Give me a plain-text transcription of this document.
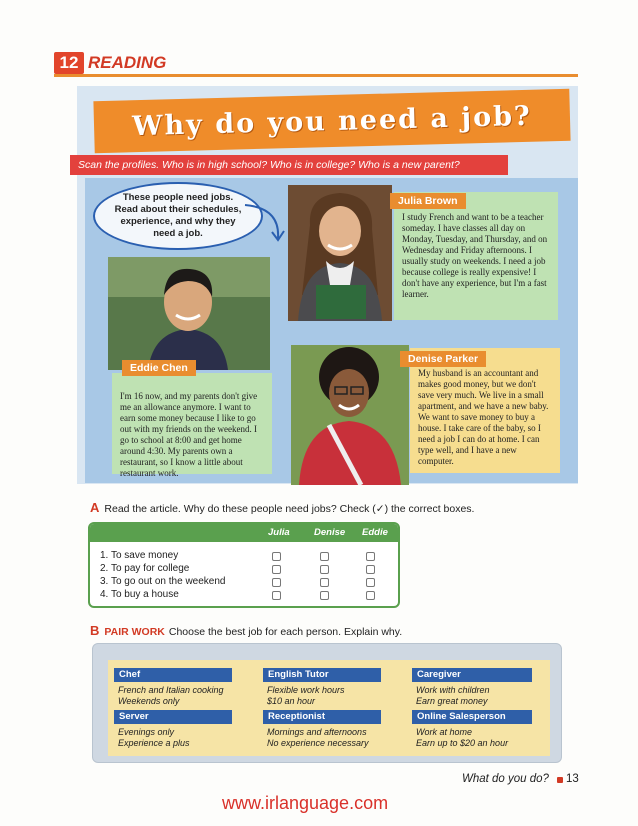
12 READING
Why do you need a job?
Scan the profiles. Who is in high school? Who is in college? Who is a new parent?
These people need jobs. Read about their schedules, experience, and why they need a job.
I'm 16 now, and my parents don't give me an allowance anymore. I want to earn some money because I like to go out with my friends on the weekend. I go to school at 8:00 and get home around 4:30. My parents own a restaurant, so I know a little about restaurant work.
Eddie Chen
I study French and want to be a teacher someday. I have classes all day on Monday, Tuesday, and Thursday, and on Wednesday and Friday afternoons. I usually study on weekends. I need a job because college is really expensive! I don't have any experience, but I'm a fast learner.
Julia Brown
My husband is an accountant and makes good money, but we don't save very much. We live in a small apartment, and we have a new baby. We want to save money to buy a house. I take care of the baby, so I need a job I can do at home. I can type well, and I have a new computer.
Denise Parker
A Read the article. Why do these people need jobs? Check (✓) the correct boxes.
Julia	Denise Eddie
1. To save money
2. To pay for college
3. To go out on the weekend
4. To buy a house
B PAIR WORK Choose the best job for each person. Explain why.
Chef
French and Italian cooking
Weekends only
English Tutor
Flexible work hours
$10 an hour
Caregiver
Work with children
Earn great money
Server
Evenings only
Experience a plus
Receptionist
Mornings and afternoons
No experience necessary
Online Salesperson
Work at home
Earn up to $20 an hour
What do you do? 13
www.irlanguage.com
